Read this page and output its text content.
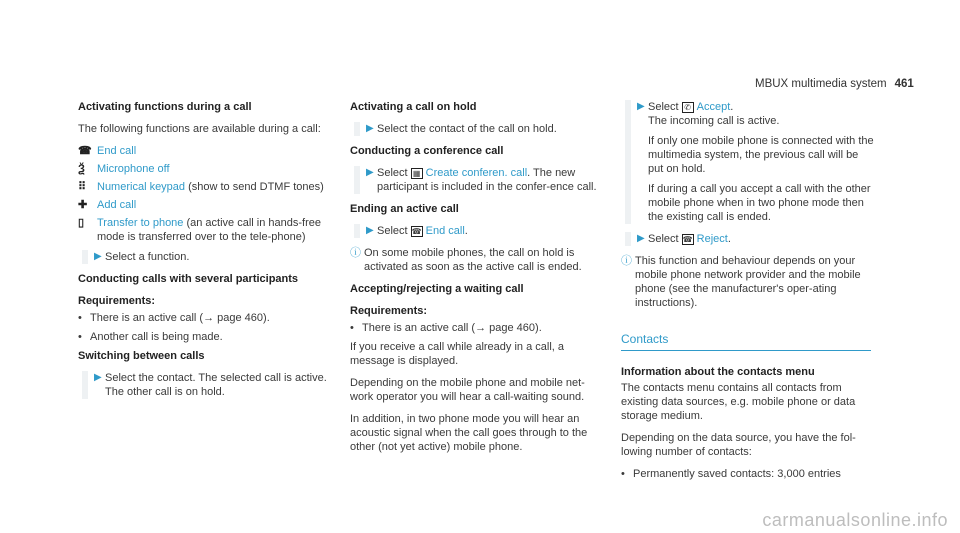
MBUX multimedia system 461

Activating functions during a call

The following functions are available during a call:

☎ End call
Ѯ	Microphone off
⠿ Numerical keypad (show to send DTMF tones)
✚ Add call
▯	Transfer to phone (an active call in hands-free mode is transferred over to the tele-phone)
▶ Select a function.

Conducting calls with several participants

Requirements:

• There is an active call (→ page 460).
• Another call is being made.

Switching between calls

▶ Select the contact. The selected call is active. The other call is on hold.

Activating a call on hold

▶ Select the contact of the call on hold.

Conducting a conference call

▶ Select ▦ Create conferen. call. The new participant is included in the confer-ence call.

Ending an active call

▶ Select ☎ End call.
ⓘ On some mobile phones, the call on hold is activated as soon as the active call is ended.

Accepting/rejecting a waiting call

Requirements:

• There is an active call (→ page 460).

If you receive a call while already in a call, a message is displayed.

Depending on the mobile phone and mobile net-work operator you will hear a call-waiting sound.

In addition, in two phone mode you will hear an acoustic signal when the call goes through to the other (not yet active) mobile phone.

▶ Select ✆ Accept.
The incoming call is active.
If only one mobile phone is connected with the multimedia system, the previous call will be put on hold.
If during a call you accept a call with the other mobile phone when in two phone mode then the existing call is ended.
▶ Select ☎ Reject.
ⓘ This function and behaviour depends on your mobile phone network provider and the mobile phone (see the manufacturer's oper-ating instructions).
Contacts

Information about the contacts menu

The contacts menu contains all contacts from existing data sources, e.g. mobile phone or data storage medium.

Depending on the data source, you have the fol-lowing number of contacts:

• Permanently saved contacts: 3,000 entries
carmanualsonline.info
